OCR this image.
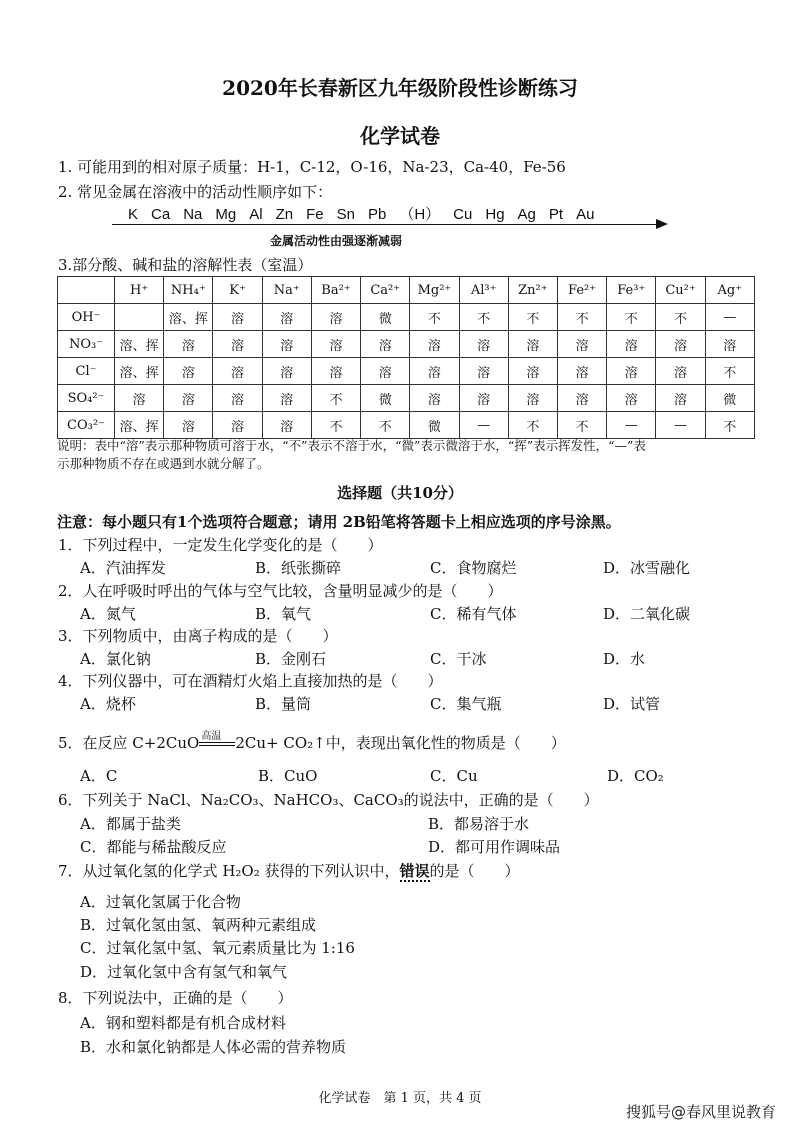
2020年长春新区九年级阶段性诊断练习
化学试卷
1. 可能用到的相对原子质量：H-1，C-12，O-16，Na-23，Ca-40，Fe-56
2. 常见金属在溶液中的活动性顺序如下：
K Ca Na Mg Al Zn Fe Sn Pb （H） Cu Hg Ag Pt Au
金属活动性由强逐渐减弱
3.部分酸、碱和盐的溶解性表（室温）
	H⁺	NH₄⁺	K⁺	Na⁺	Ba²⁺	Ca²⁺	Mg²⁺	Al³⁺	Zn²⁺	Fe²⁺	Fe³⁺	Cu²⁺	Ag⁺
OH⁻		溶、挥	溶	溶	溶	微	不	不	不	不	不	不	—
NO₃⁻	溶、挥	溶	溶	溶	溶	溶	溶	溶	溶	溶	溶	溶	溶
Cl⁻	溶、挥	溶	溶	溶	溶	溶	溶	溶	溶	溶	溶	溶	不
SO₄²⁻	溶	溶	溶	溶	不	微	溶	溶	溶	溶	溶	溶	微
CO₃²⁻	溶、挥	溶	溶	溶	不	不	微	—	不	不	—	—	不
说明：表中“溶”表示那种物质可溶于水，“不”表示不溶于水，“微”表示微溶于水，“挥”表示挥发性，“—”表
示那种物质不存在或遇到水就分解了。
选择题（共10分）
注意：每小题只有1个选项符合题意；请用 2B铅笔将答题卡上相应选项的序号涂黑。
1．下列过程中，一定发生化学变化的是（　　）
A．汽油挥发	B．纸张撕碎	C．食物腐烂	D．冰雪融化
2．人在呼吸时呼出的气体与空气比较，含量明显减少的是（　　）
A．氮气	B．氧气	C．稀有气体	D．二氧化碳
3．下列物质中，由离子构成的是（　　）
A．氯化钠	B．金刚石	C．干冰	D．水
4．下列仪器中，可在酒精灯火焰上直接加热的是（　　）
A．烧杯	B．量筒	C．集气瓶	D．试管
5．在反应 C+2CuO 高温 2Cu+ CO₂↑中，表现出氧化性的物质是（　　）
A．C	B．CuO	C．Cu	D．CO₂
6．下列关于 NaCl、Na₂CO₃、NaHCO₃、CaCO₃的说法中，正确的是（　　）
A．都属于盐类	B．都易溶于水
C．都能与稀盐酸反应	D．都可用作调味品
7．从过氧化氢的化学式 H₂O₂ 获得的下列认识中，错误的是（　　）
A．过氧化氢属于化合物
B．过氧化氢由氢、氧两种元素组成
C．过氧化氢中氢、氧元素质量比为 1:16
D．过氧化氢中含有氢气和氧气
8．下列说法中，正确的是（　　）
A．钢和塑料都是有机合成材料
B．水和氯化钠都是人体必需的营养物质
化学试卷　第 1 页，共 4 页
搜狐号@春风里说教育
